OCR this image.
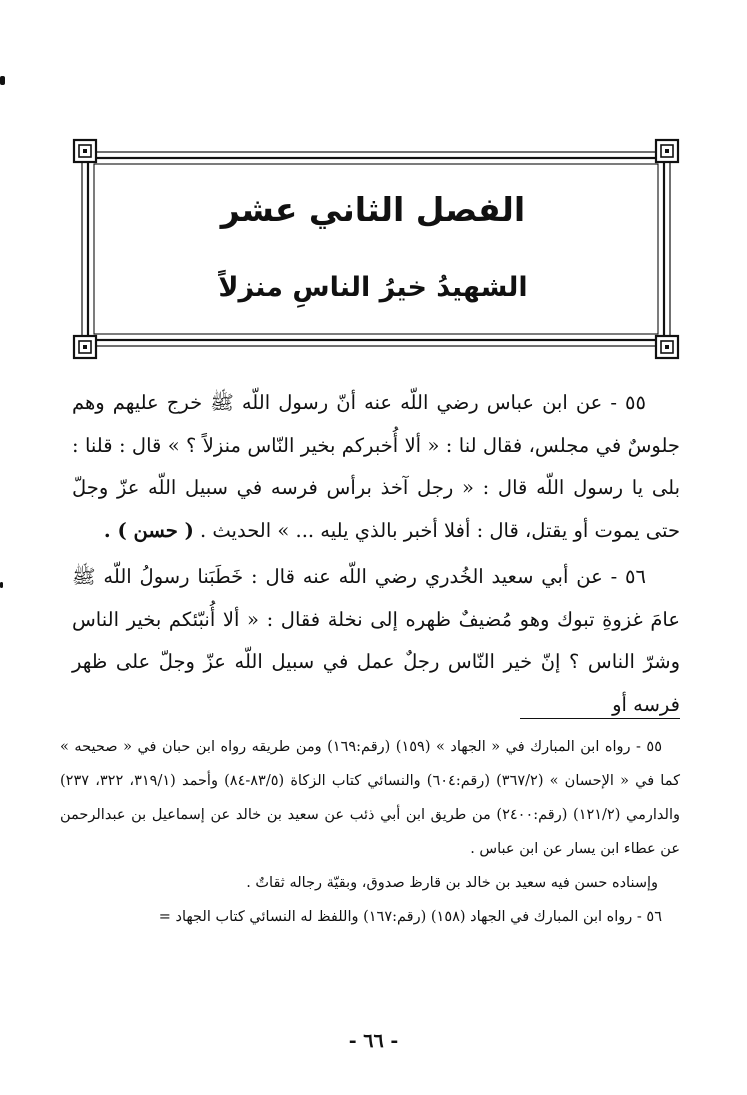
الفصل الثاني عشر
الشهيدُ خيرُ الناسِ منزلاً

٥٥ - عن ابن عباس رضي اللّه عنه أنّ رسول اللّه ﷺ خرج عليهم وهم جلوسٌ في مجلس، فقال لنا : « ألا أُخبركم بخير النّاس منزلاً ؟ » قال : قلنا : بلى يا رسول اللّه قال : « رجل آخذ برأس فرسه في سبيل اللّه عزّ وجلّ حتى يموت أو يقتل، قال : أفلا أخبر بالذي يليه ... » الحديث . ( حسن ) .

٥٦ - عن أبي سعيد الخُدري رضي اللّه عنه قال : خَطَبَنا رسولُ اللّه ﷺ عامَ غزوةِ تبوك وهو مُضيفٌ ظهره إلى نخلة فقال : « ألا أُنبّئكم بخير الناس وشرّ الناس ؟ إنّ خير النّاس رجلٌ عمل في سبيل اللّه عزّ وجلّ على ظهر فرسه أو

٥٥ - رواه ابن المبارك في « الجهاد » (١٥٩) (رقم:١٦٩) ومن طريقه رواه ابن حبان في « صحيحه » كما في « الإحسان » (٣٦٧/٢) (رقم:٦٠٤) والنسائي كتاب الزكاة (٨٣/٥-٨٤) وأحمد (٣١٩/١، ٣٢٢، ٢٣٧) والدارمي (١٢١/٢) (رقم:٢٤٠٠) من طريق ابن أبي ذئب عن سعيد بن خالد عن إسماعيل بن عبدالرحمن عن عطاء ابن يسار عن ابن عباس .

وإسناده حسن فيه سعيد بن خالد بن قارظ صدوق، وبقيّة رجاله ثقاتٌ .

٥٦ - رواه ابن المبارك في الجهاد (١٥٨) (رقم:١٦٧) واللفظ له النسائي كتاب الجهاد =

- ٦٦ -
